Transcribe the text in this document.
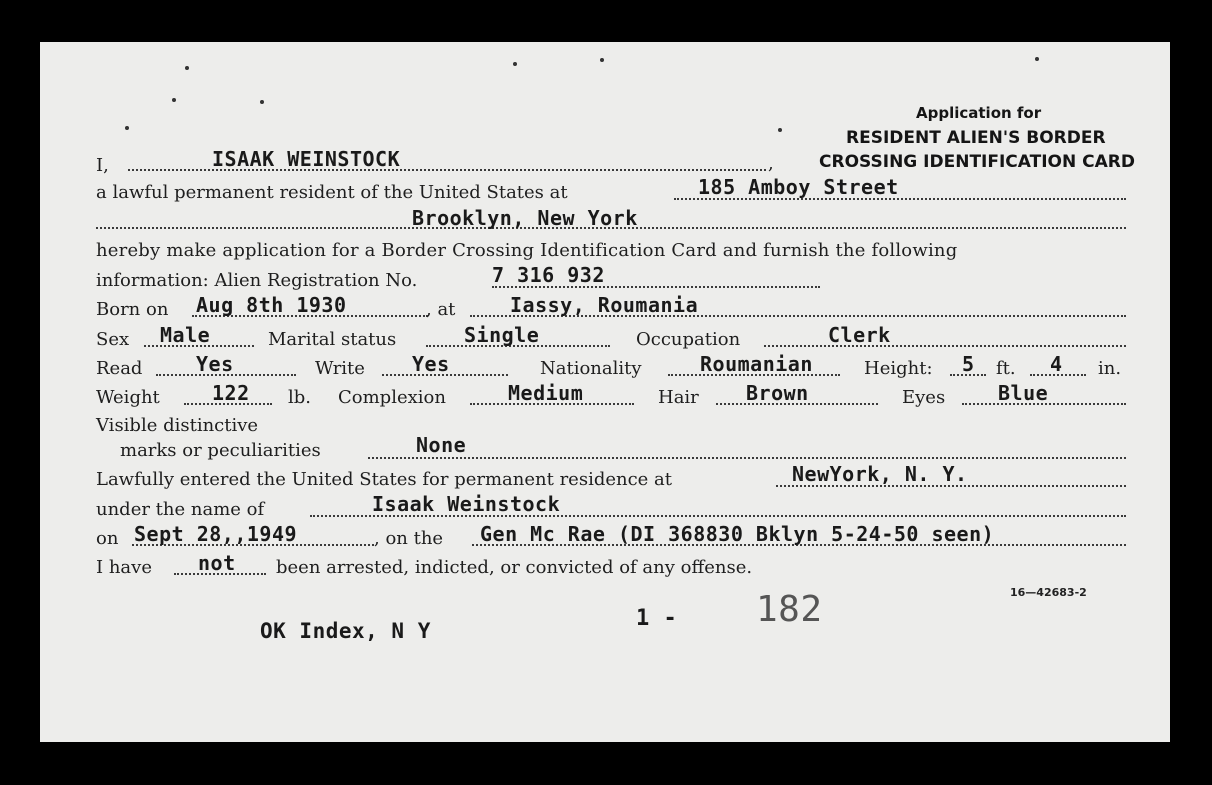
Application for
RESIDENT ALIEN'S BORDER
CROSSING IDENTIFICATION CARD
I,	ISAAK WEINSTOCK	,
a lawful permanent resident of the United States at	185 Amboy Street
Brooklyn, New York
hereby make application for a Border Crossing Identification Card and furnish the following
information: Alien Registration No.	7 316 932
Born on Aug 8th 1930	, at	Iassy, Roumania
Sex Male	Marital status	Single	Occupation	Clerk
Read	Yes	Write Yes	Nationality	Roumanian	Height: 5 ft. 4 in.
Weight	122 lb. Complexion	Medium	Hair Brown	Eyes	Blue
Visible distinctive
marks or peculiarities	None
Lawfully entered the United States for permanent residence at	NewYork, N. Y.
under the name of	Isaak Weinstock
on Sept 28,,1949	, on the Gen Mc Rae (DI 368830 Bklyn 5-24-50 seen)
I have not been arrested, indicted, or convicted of any offense.
16—42683-2
OK Index, N Y	1 - 182
